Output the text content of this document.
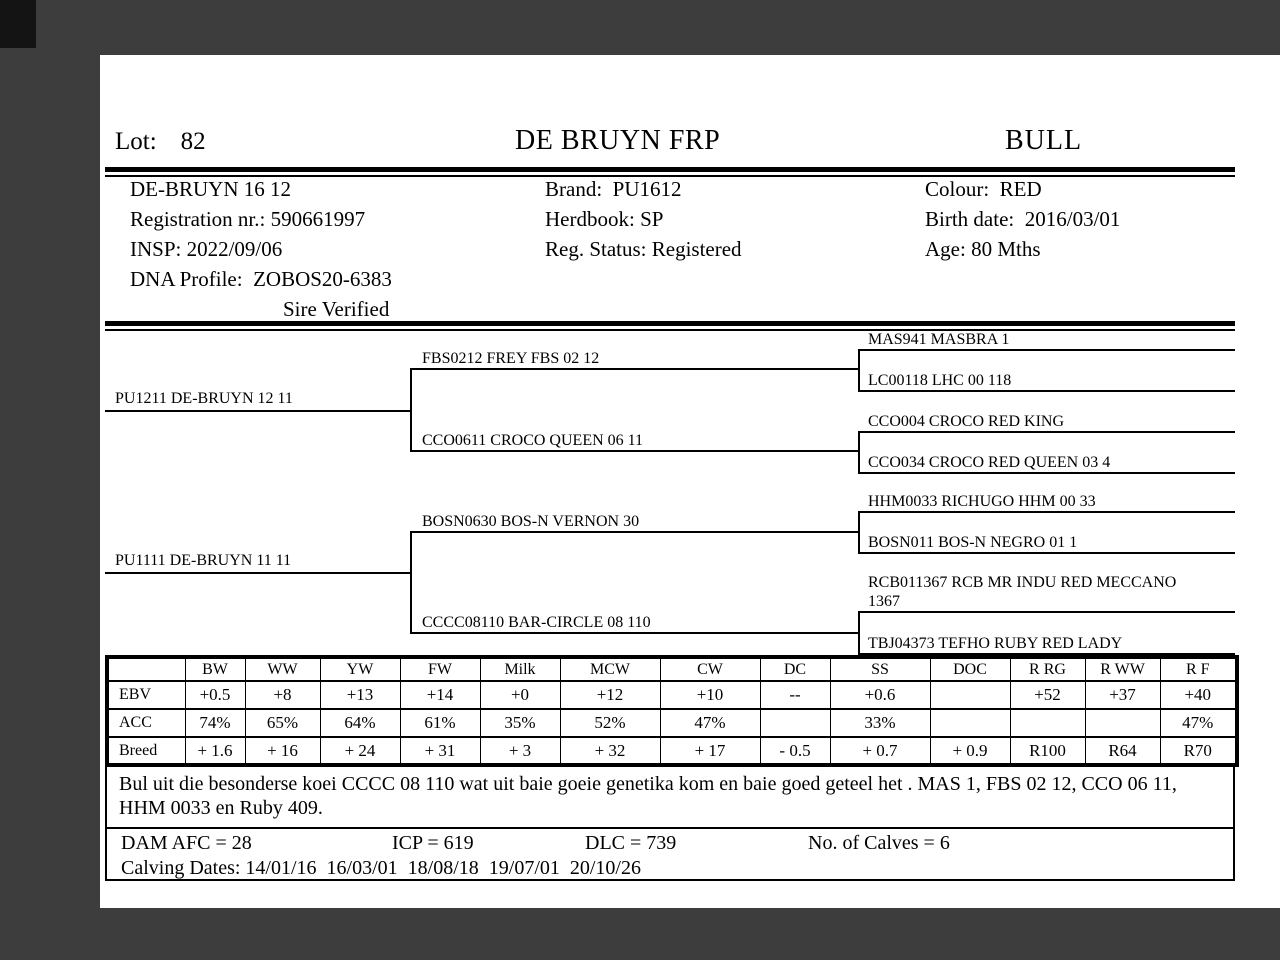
Lot: 82	DE BRUYN FRP	BULL
DE-BRUYN 16 12
Registration nr.: 590661997
INSP: 2022/09/06
DNA Profile:  ZOBOS20-6383
Sire Verified
Brand:  PU1612
Herdbook: SP
Reg. Status: Registered
Colour:  RED
Birth date:  2016/03/01
Age: 80 Mths
PU1211 DE-BRUYN 12 11
PU1111 DE-BRUYN 11 11
FBS0212 FREY FBS 02 12
CCO0611 CROCO QUEEN 06 11
BOSN0630 BOS-N VERNON 30
CCCC08110 BAR-CIRCLE 08 110
MAS941 MASBRA 1
LC00118 LHC 00 118
CCO004 CROCO RED KING
CCO034 CROCO RED QUEEN 03 4
HHM0033 RICHUGO HHM 00 33
BOSN011 BOS-N NEGRO 01 1
RCB011367 RCB MR INDU RED MECCANO
1367
TBJ04373 TEFHO RUBY RED LADY
	BW	WW	YW	FW	Milk	MCW	CW	DC	SS	DOC	R RG	R WW	R F
EBV	+0.5	+8	+13	+14	+0	+12	+10	--	+0.6		+52	+37	+40
ACC	74%	65%	64%	61%	35%	52%	47%		33%				47%
Breed	+ 1.6	+ 16	+ 24	+ 31	+ 3	+ 32	+ 17	- 0.5	+ 0.7	+ 0.9	R100	R64	R70
Bul uit die besonderse koei CCCC 08 110 wat uit baie goeie genetika kom en baie goed geteel het . MAS 1, FBS 02 12, CCO 06 11, HHM 0033 en Ruby 409.
DAM AFC = 28	ICP = 619	DLC = 739	No. of Calves = 6
Calving Dates: 14/01/16  16/03/01  18/08/18  19/07/01  20/10/26
